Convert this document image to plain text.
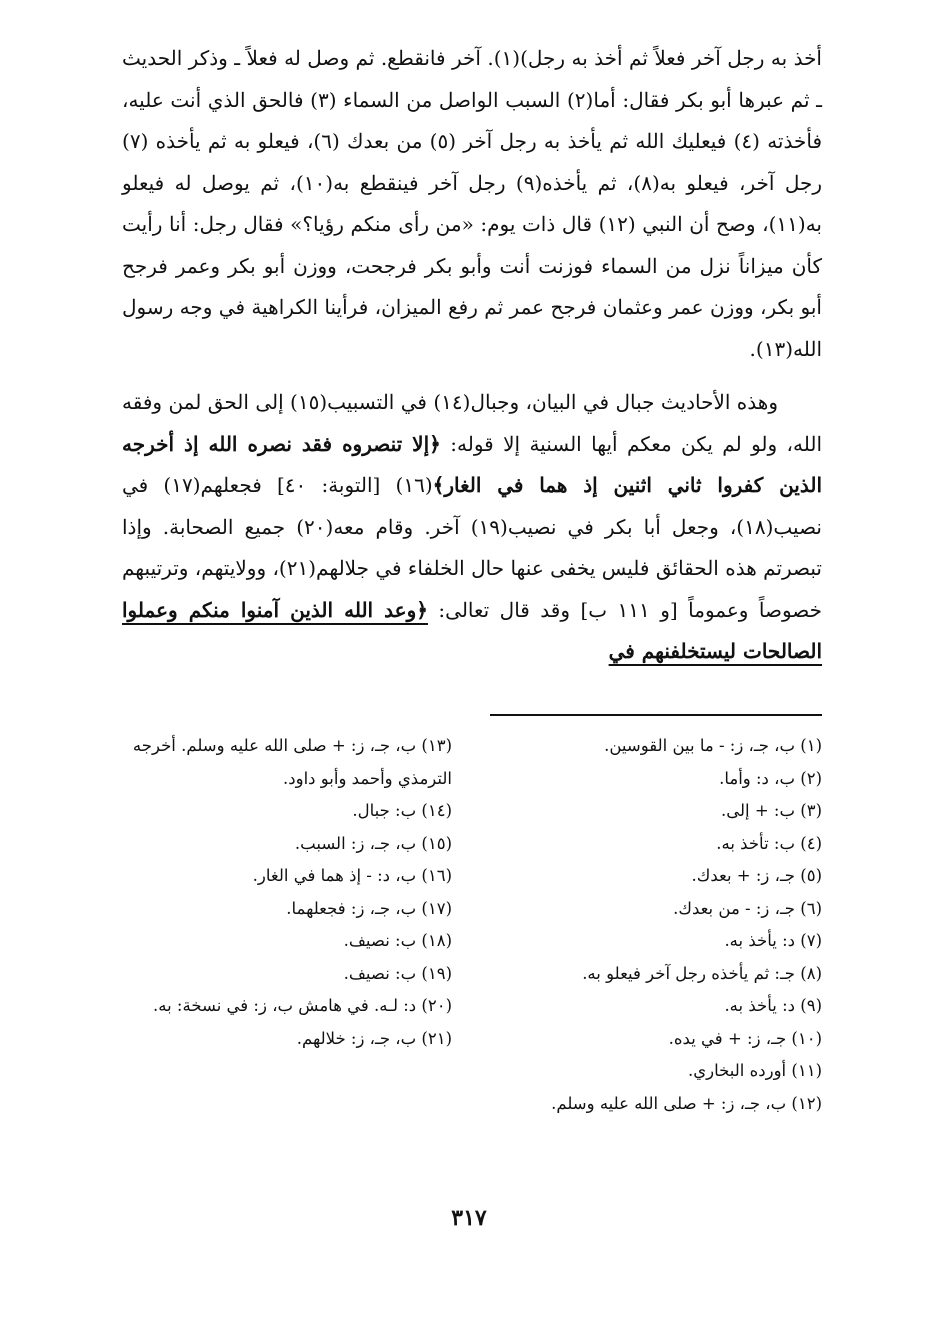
أخذ به رجل آخر فعلاً ثم أخذ به رجل)(١). آخر فانقطع. ثم وصل له فعلاً ـ وذكر الحديث ـ ثم عبرها أبو بكر فقال: أما(٢) السبب الواصل من السماء (٣) فالحق الذي أنت عليه، فأخذته (٤) فيعليك الله ثم يأخذ به رجل آخر (٥) من بعدك (٦)، فيعلو به ثم يأخذه (٧) رجل آخر، فيعلو به(٨)، ثم يأخذه(٩) رجل آخر فينقطع به(١٠)، ثم يوصل له فيعلو به(١١)، وصح أن النبي (١٢) قال ذات يوم: «من رأى منكم رؤيا؟» فقال رجل: أنا رأيت كأن ميزاناً نزل من السماء فوزنت أنت وأبو بكر فرجحت، ووزن أبو بكر وعمر فرجح أبو بكر، ووزن عمر وعثمان فرجح عمر ثم رفع الميزان، فرأينا الكراهية في وجه رسول الله(١٣).

وهذه الأحاديث جبال في البيان، وجبال(١٤) في التسبيب(١٥) إلى الحق لمن وفقه الله، ولو لم يكن معكم أيها السنية إلا قوله: ﴿إلا تنصروه فقد نصره الله إذ أخرجه الذين كفروا ثاني اثنين إذ هما في الغار﴾(١٦) [التوبة: ٤٠] فجعلهم(١٧) في نصيب(١٨)، وجعل أبا بكر في نصيب(١٩) آخر. وقام معه(٢٠) جميع الصحابة. وإذا تبصرتم هذه الحقائق فليس يخفى عنها حال الخلفاء في جلالهم(٢١)، وولايتهم، وترتيبهم خصوصاً وعموماً [و ١١١ ب] وقد قال تعالى: ﴿وعد الله الذين آمنوا منكم وعملوا الصالحات ليستخلفنهم في

(١) ب، جـ، ز: - ما بين القوسين.

(٢) ب، د: وأما.

(٣) ب: + إلى.

(٤) ب: تأخذ به.

(٥) جـ، ز: + بعدك.

(٦) جـ، ز: - من بعدك.

(٧) د: يأخذ به.

(٨) جـ: ثم يأخذه رجل آخر فيعلو به.

(٩) د: يأخذ به.

(١٠) جـ، ز: + في يده.

(١١) أورده البخاري.

(١٢) ب، جـ، ز: + صلى الله عليه وسلم.

(١٣) ب، جـ، ز: + صلى الله عليه وسلم. أخرجه الترمذي وأحمد وأبو داود.

(١٤) ب: جبال.

(١٥) ب، جـ، ز: السبب.

(١٦) ب، د: - إذ هما في الغار.

(١٧) ب، جـ، ز: فجعلهما.

(١٨) ب: نصيف.

(١٩) ب: نصيف.

(٢٠) د: لـه. في هامش ب، ز: في نسخة: به.

(٢١) ب، جـ، ز: خلالهم.

٣١٧
